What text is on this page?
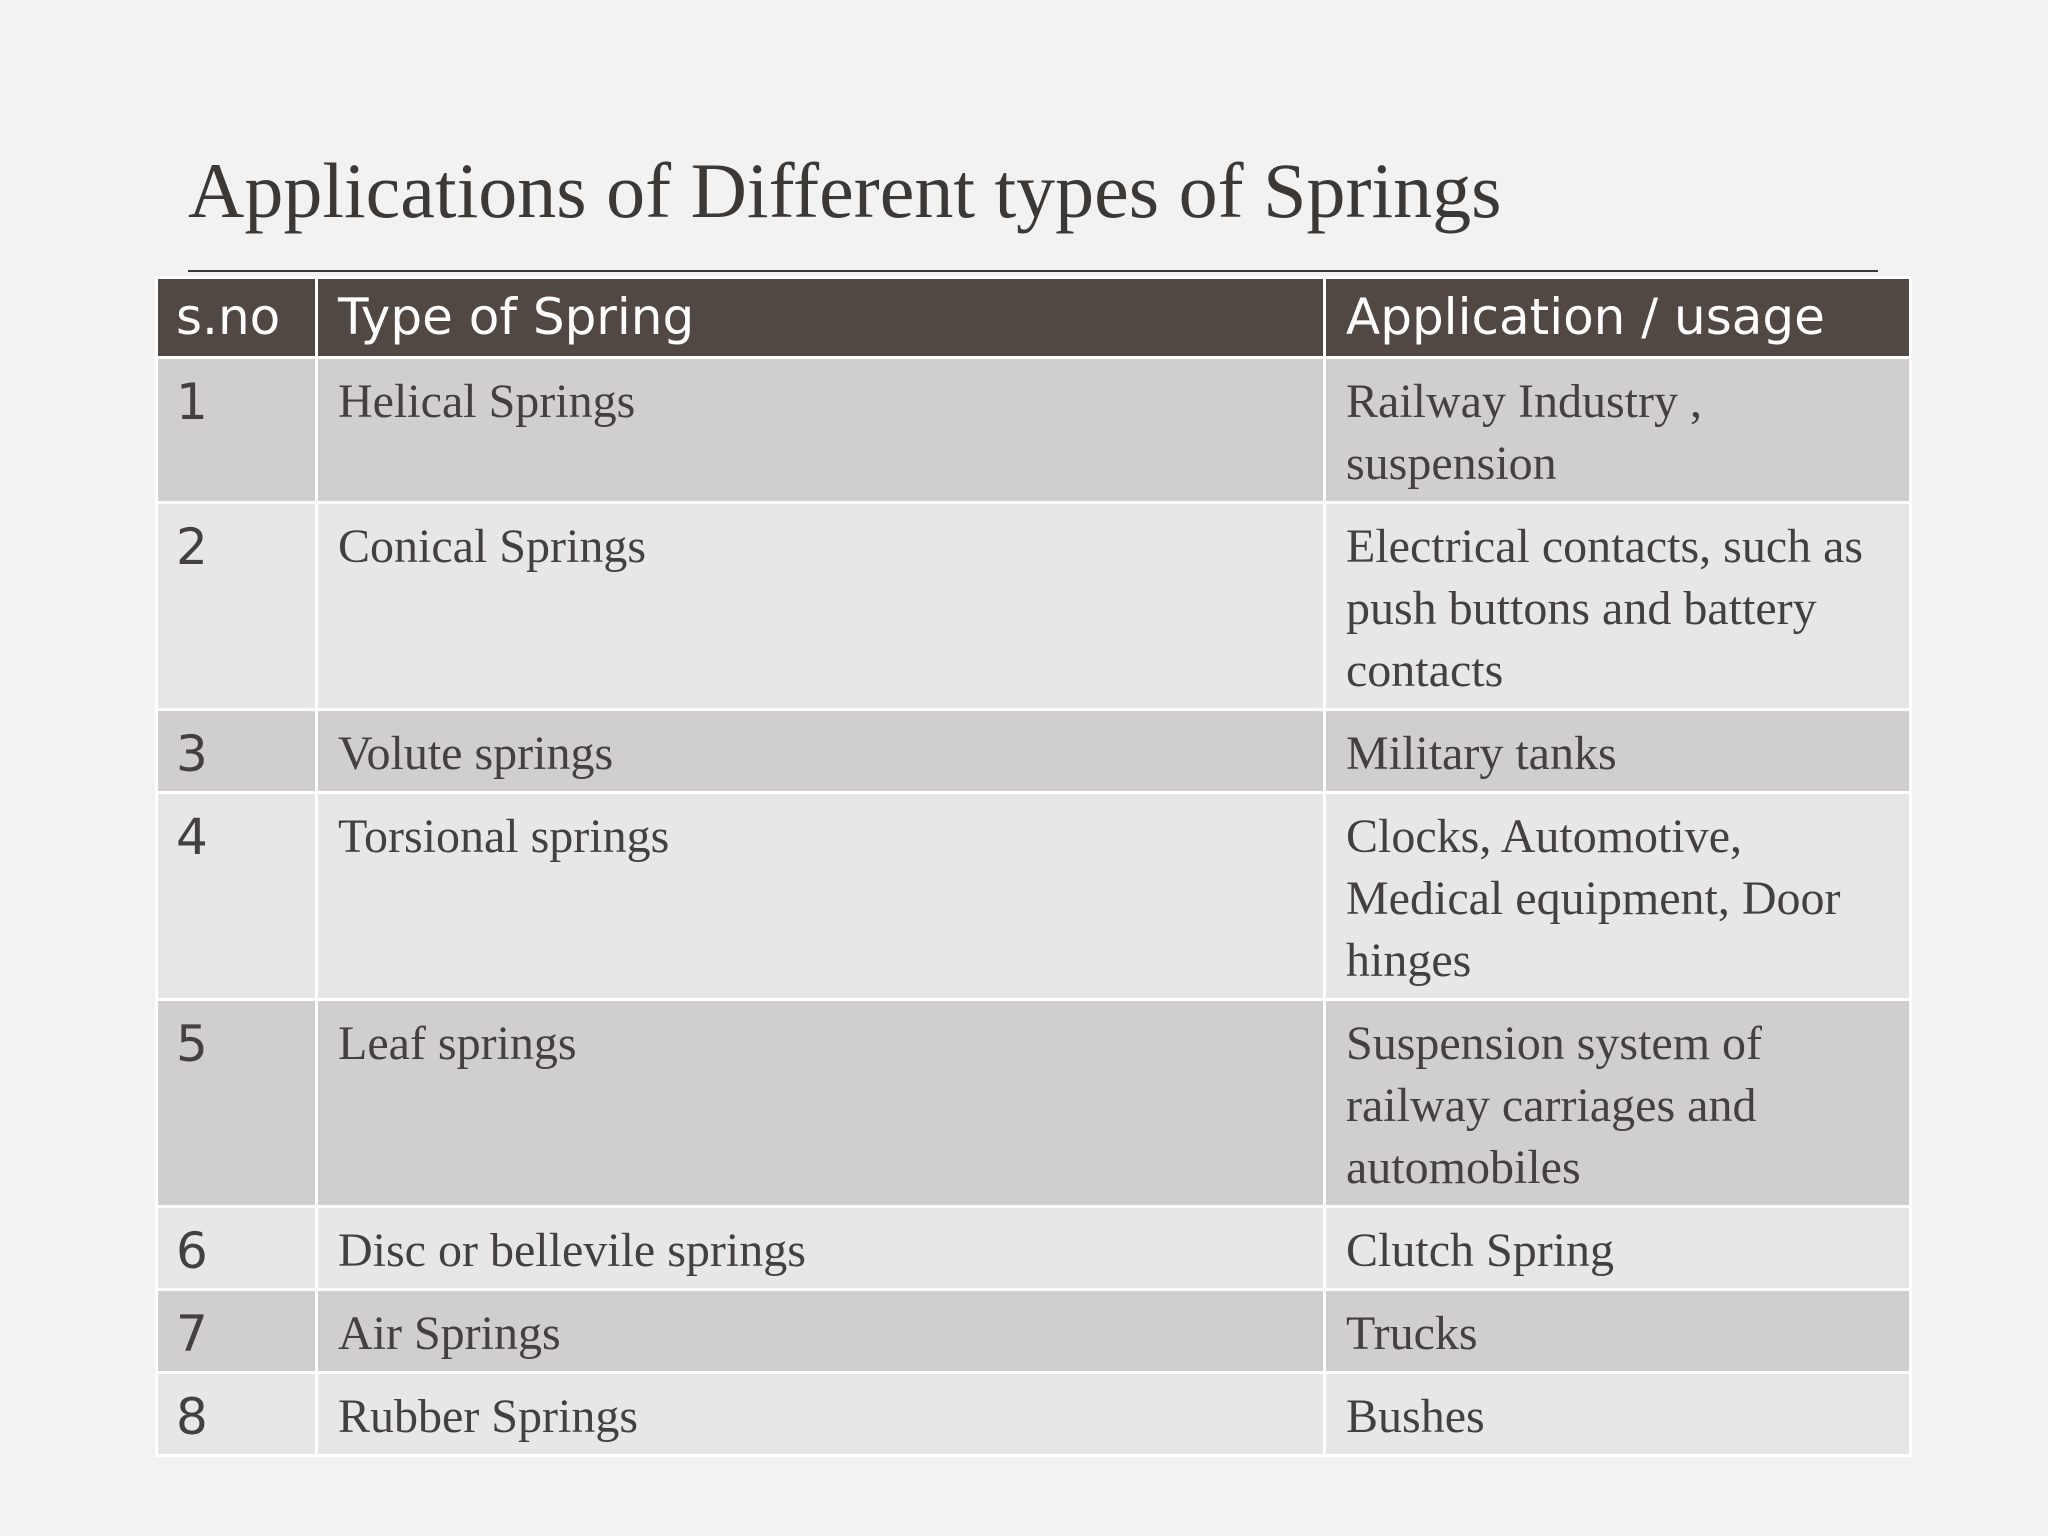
Applications of Different types of Springs
s.no	Type of Spring	Application / usage
1	Helical Springs	Railway Industry , suspension
2	Conical Springs	Electrical contacts, such as push buttons and battery contacts
3	Volute springs	Military tanks
4	Torsional springs	Clocks, Automotive, Medical equipment, Door hinges
5	Leaf springs	Suspension system of railway carriages and automobiles
6	Disc or bellevile springs	Clutch Spring
7	Air Springs	Trucks
8	Rubber Springs	Bushes
